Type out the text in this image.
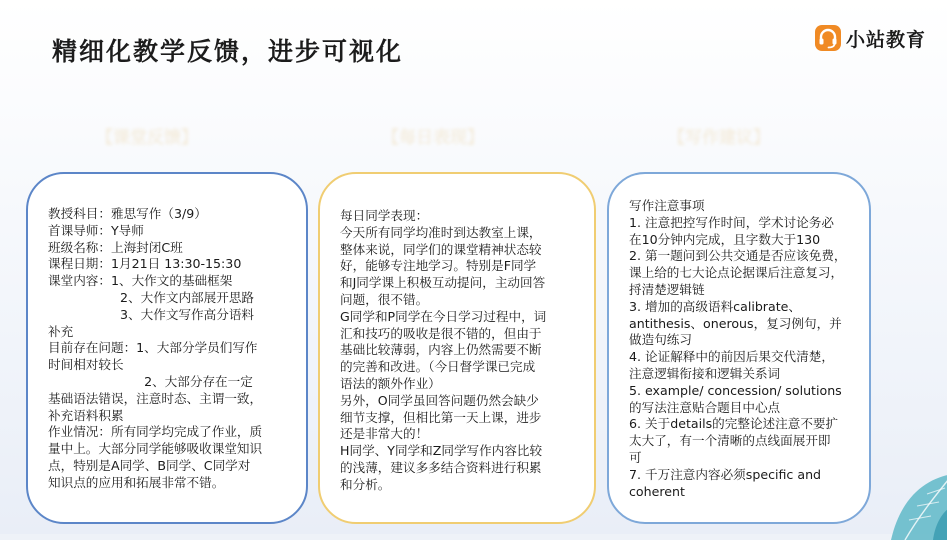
精细化教学反馈，进步可视化	小站教育
【课堂反馈】	【每日表现】	【写作建议】

教授科目：雅思写作（3/9）

首课导师：Y导师

班级名称：上海封闭C班

课程日期：1月21日 13:30-15:30

课堂内容：1、大作文的基础框架

2、大作文内部展开思路

3、大作文写作高分语料

补充

目前存在问题：1、大部分学员们写作

时间相对较长

2、大部分存在一定

基础语法错误，注意时态、主谓一致，

补充语料积累

作业情况：所有同学均完成了作业，质

量中上。大部分同学能够吸收课堂知识

点，特别是A同学、B同学、C同学对

知识点的应用和拓展非常不错。

每日同学表现：

今天所有同学均准时到达教室上课，

整体来说，同学们的课堂精神状态较

好，能够专注地学习。特别是F同学

和J同学课上积极互动提问，主动回答

问题，很不错。

G同学和P同学在今日学习过程中，词

汇和技巧的吸收是很不错的，但由于

基础比较薄弱，内容上仍然需要不断

的完善和改进。（今日督学课已完成

语法的额外作业）

另外，O同学虽回答问题仍然会缺少

细节支撑，但相比第一天上课，进步

还是非常大的！

H同学、Y同学和Z同学写作内容比较

的浅薄，建议多多结合资料进行积累

和分析。

写作注意事项

1. 注意把控写作时间，学术讨论务必

在10分钟内完成，且字数大于130

2. 第一题问到公共交通是否应该免费，

课上给的七大论点论据课后注意复习，

捋清楚逻辑链

3. 增加的高级语料calibrate、

antithesis、onerous，复习例句，并

做造句练习

4. 论证解释中的前因后果交代清楚，

注意逻辑衔接和逻辑关系词

5. example/ concession/ solutions

的写法注意贴合题目中心点

6. 关于details的完整论述注意不要扩

太大了，有一个清晰的点线面展开即

可

7. 千万注意内容必须specific and

coherent
